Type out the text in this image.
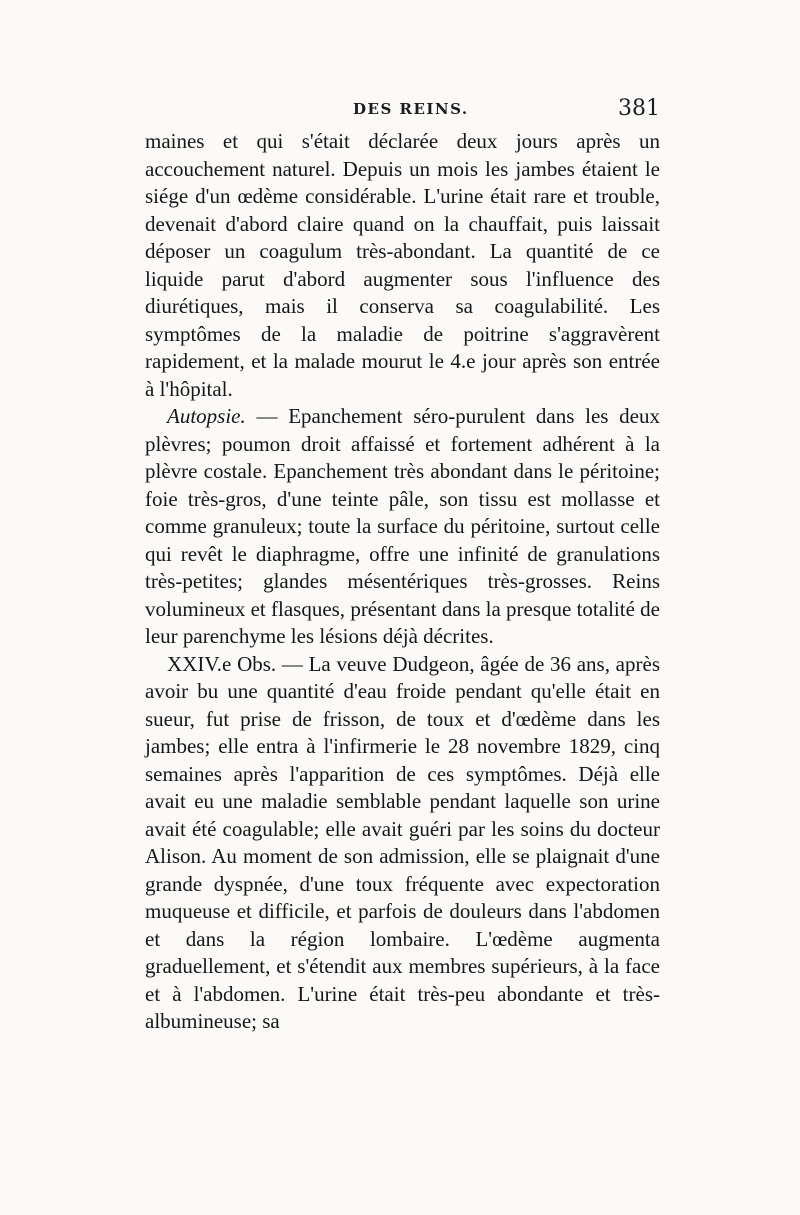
DES REINS.	381

maines et qui s'était déclarée deux jours après un accouchement naturel. Depuis un mois les jambes étaient le siége d'un œdème considérable. L'urine était rare et trouble, devenait d'abord claire quand on la chauffait, puis laissait déposer un coagulum très-abondant. La quantité de ce liquide parut d'abord augmenter sous l'influence des diurétiques, mais il conserva sa coagulabilité. Les symptômes de la maladie de poitrine s'aggravèrent rapidement, et la malade mourut le 4.e jour après son entrée à l'hôpital.

Autopsie. — Epanchement séro-purulent dans les deux plèvres; poumon droit affaissé et fortement adhérent à la plèvre costale. Epanchement très abondant dans le péritoine; foie très-gros, d'une teinte pâle, son tissu est mollasse et comme granuleux; toute la surface du péritoine, surtout celle qui revêt le diaphragme, offre une infinité de granulations très-petites; glandes mésentériques très-grosses. Reins volumineux et flasques, présentant dans la presque totalité de leur parenchyme les lésions déjà décrites.

XXIV.e Obs. — La veuve Dudgeon, âgée de 36 ans, après avoir bu une quantité d'eau froide pendant qu'elle était en sueur, fut prise de frisson, de toux et d'œdème dans les jambes; elle entra à l'infirmerie le 28 novembre 1829, cinq semaines après l'apparition de ces symptômes. Déjà elle avait eu une maladie semblable pendant laquelle son urine avait été coagulable; elle avait guéri par les soins du docteur Alison. Au moment de son admission, elle se plaignait d'une grande dyspnée, d'une toux fréquente avec expectoration muqueuse et difficile, et parfois de douleurs dans l'abdomen et dans la région lombaire. L'œdème augmenta graduellement, et s'étendit aux membres supérieurs, à la face et à l'abdomen. L'urine était très-peu abondante et très-albumineuse; sa
